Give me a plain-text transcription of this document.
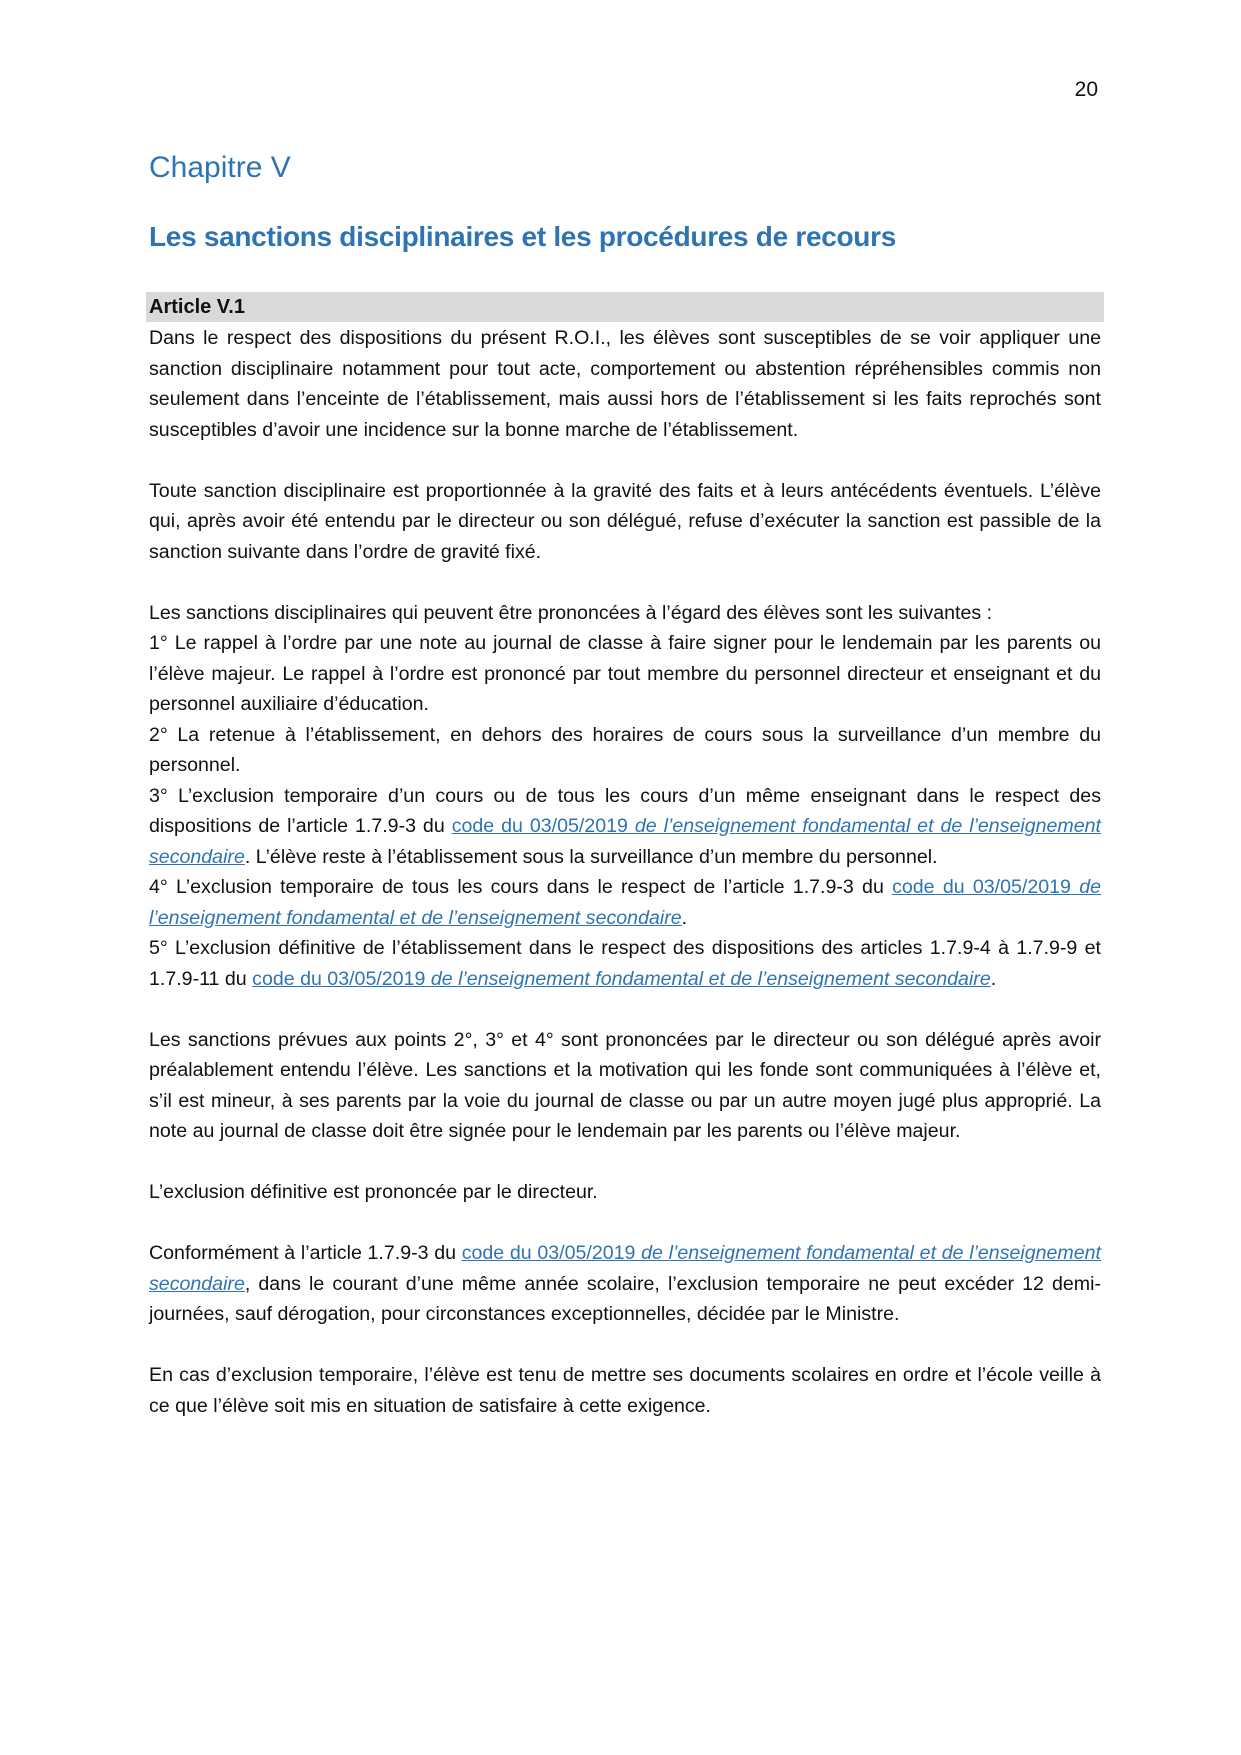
20
Chapitre V
Les sanctions disciplinaires et les procédures de recours
Article V.1

Dans le respect des dispositions du présent R.O.I., les élèves sont susceptibles de se voir appliquer une sanction disciplinaire notamment pour tout acte, comportement ou abstention répréhensibles commis non seulement dans l’enceinte de l’établissement, mais aussi hors de l’établissement si les faits reprochés sont susceptibles d’avoir une incidence sur la bonne marche de l’établissement.

Toute sanction disciplinaire est proportionnée à la gravité des faits et à leurs antécédents éventuels. L’élève qui, après avoir été entendu par le directeur ou son délégué, refuse d’exécuter la sanction est passible de la sanction suivante dans l’ordre de gravité fixé.

Les sanctions disciplinaires qui peuvent être prononcées à l’égard des élèves sont les suivantes :

1° Le rappel à l’ordre par une note au journal de classe à faire signer pour le lendemain par les parents ou l’élève majeur. Le rappel à l’ordre est prononcé par tout membre du personnel directeur et enseignant et du personnel auxiliaire d’éducation.

2° La retenue à l’établissement, en dehors des horaires de cours sous la surveillance d’un membre du personnel.

3° L’exclusion temporaire d’un cours ou de tous les cours d’un même enseignant dans le respect des dispositions de l’article 1.7.9-3 du code du 03/05/2019 de l’enseignement fondamental et de l’enseignement secondaire. L’élève reste à l’établissement sous la surveillance d’un membre du personnel.

4° L’exclusion temporaire de tous les cours dans le respect de l’article 1.7.9-3 du code du 03/05/2019 de l’enseignement fondamental et de l’enseignement secondaire.

5° L’exclusion définitive de l’établissement dans le respect des dispositions des articles 1.7.9-4 à 1.7.9-9 et 1.7.9-11 du code du 03/05/2019 de l’enseignement fondamental et de l’enseignement secondaire.

Les sanctions prévues aux points 2°, 3° et 4° sont prononcées par le directeur ou son délégué après avoir préalablement entendu l’élève. Les sanctions et la motivation qui les fonde sont communiquées à l’élève et, s’il est mineur, à ses parents par la voie du journal de classe ou par un autre moyen jugé plus approprié. La note au journal de classe doit être signée pour le lendemain par les parents ou l’élève majeur.

L’exclusion définitive est prononcée par le directeur.

Conformément à l’article 1.7.9-3 du code du 03/05/2019 de l’enseignement fondamental et de l’enseignement secondaire, dans le courant d’une même année scolaire, l’exclusion temporaire ne peut excéder 12 demi-journées, sauf dérogation, pour circonstances exceptionnelles, décidée par le Ministre.

En cas d’exclusion temporaire, l’élève est tenu de mettre ses documents scolaires en ordre et l’école veille à ce que l’élève soit mis en situation de satisfaire à cette exigence.
